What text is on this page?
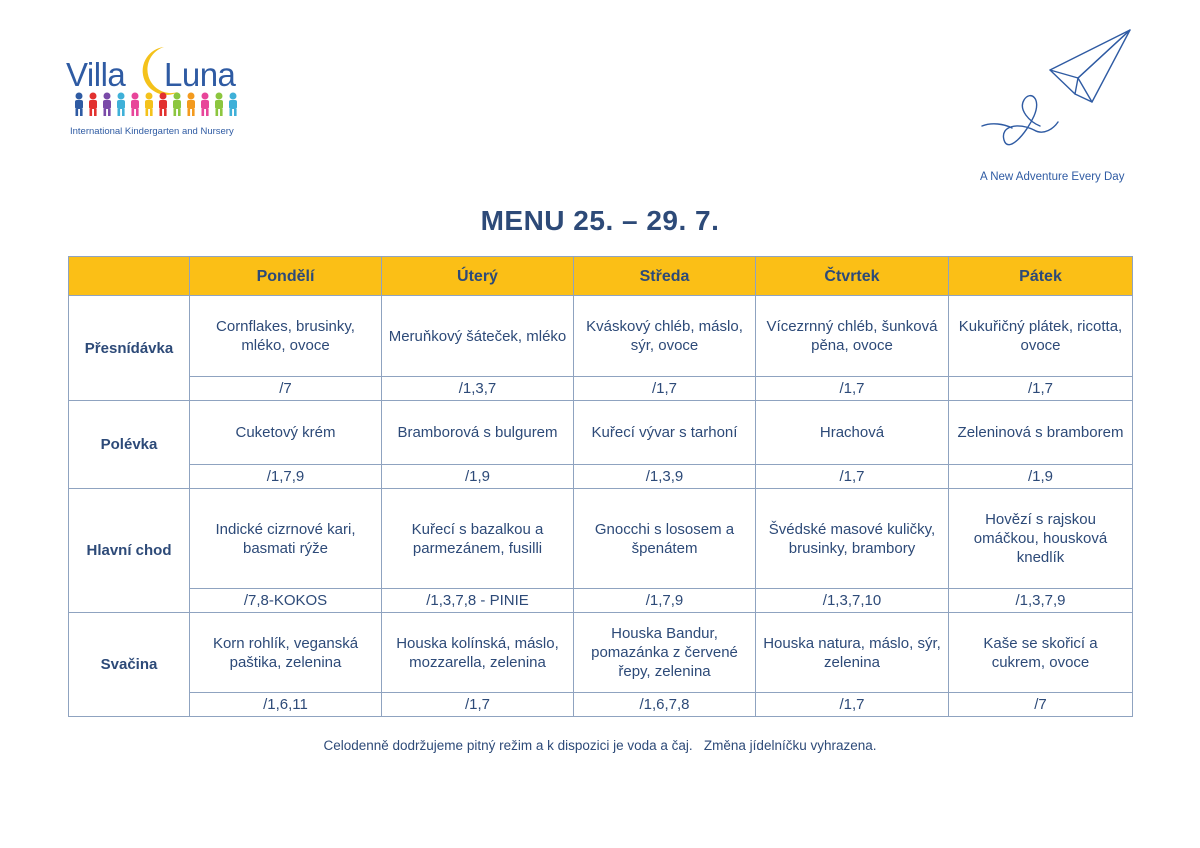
Villa Luna
International Kindergarten and Nursery
A New Adventure Every Day
MENU 25. – 29. 7.
	Pondělí	Úterý	Středa	Čtvrtek	Pátek
Přesnídávka	Cornflakes, brusinky, mléko, ovoce	Meruňkový šáteček, mléko	Kváskový chléb, máslo, sýr, ovoce	Vícezrnný chléb, šunková pěna, ovoce	Kukuřičný plátek, ricotta, ovoce
	/7	/1,3,7	/1,7	/1,7	/1,7
Polévka	Cuketový krém	Bramborová s bulgurem	Kuřecí vývar s tarhoní	Hrachová	Zeleninová s bramborem
	/1,7,9	/1,9	/1,3,9	/1,7	/1,9
Hlavní chod	Indické cizrnové kari, basmati rýže	Kuřecí s bazalkou a parmezánem, fusilli	Gnocchi s lososem a špenátem	Švédské masové kuličky, brusinky, brambory	Hovězí s rajskou omáčkou, housková knedlík
	/7,8-KOKOS	/1,3,7,8 - PINIE	/1,7,9	/1,3,7,10	/1,3,7,9
Svačina	Korn rohlík, veganská paštika, zelenina	Houska kolínská, máslo, mozzarella, zelenina	Houska Bandur, pomazánka z červené řepy, zelenina	Houska natura, máslo, sýr, zelenina	Kaše se skořicí a cukrem, ovoce
	/1,6,11	/1,7	/1,6,7,8	/1,7	/7
Celodenně dodržujeme pitný režim a k dispozici je voda a čaj.   Změna jídelníčku vyhrazena.
